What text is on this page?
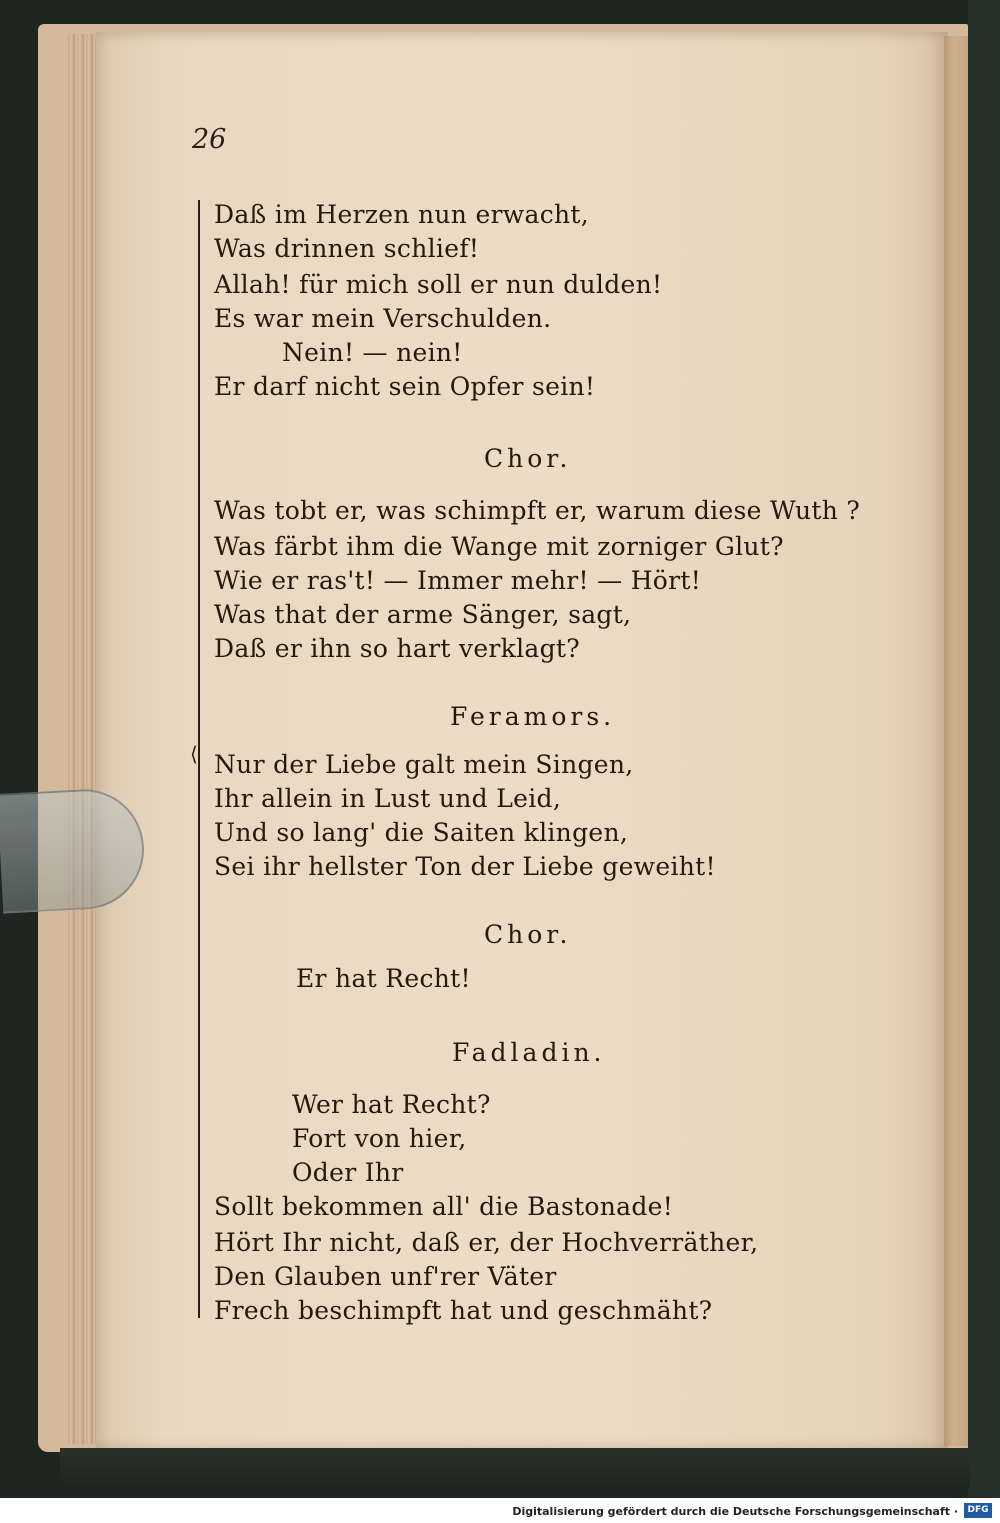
26
⟨
Daß im Herzen nun erwacht,
Was drinnen schlief!
Allah! für mich soll er nun dulden!
Es war mein Verschulden.
Nein! — nein!
Er darf nicht sein Opfer sein!
Chor.
Was tobt er, was schimpft er, warum diese Wuth ?
Was färbt ihm die Wange mit zorniger Glut?
Wie er ras't! — Immer mehr! — Hört!
Was that der arme Sänger, sagt,
Daß er ihn so hart verklagt?
Feramors.
Nur der Liebe galt mein Singen,
Ihr allein in Lust und Leid,
Und so lang' die Saiten klingen,
Sei ihr hellster Ton der Liebe geweiht!
Chor.
Er hat Recht!
Fadladin.
Wer hat Recht?
Fort von hier,
Oder Ihr
Sollt bekommen all' die Bastonade!
Hört Ihr nicht, daß er, der Hochverräther,
Den Glauben unf'rer Väter
Frech beschimpft hat und geschmäht?
Digitalisierung gefördert durch die Deutsche Forschungsgemeinschaft ·	DFG
